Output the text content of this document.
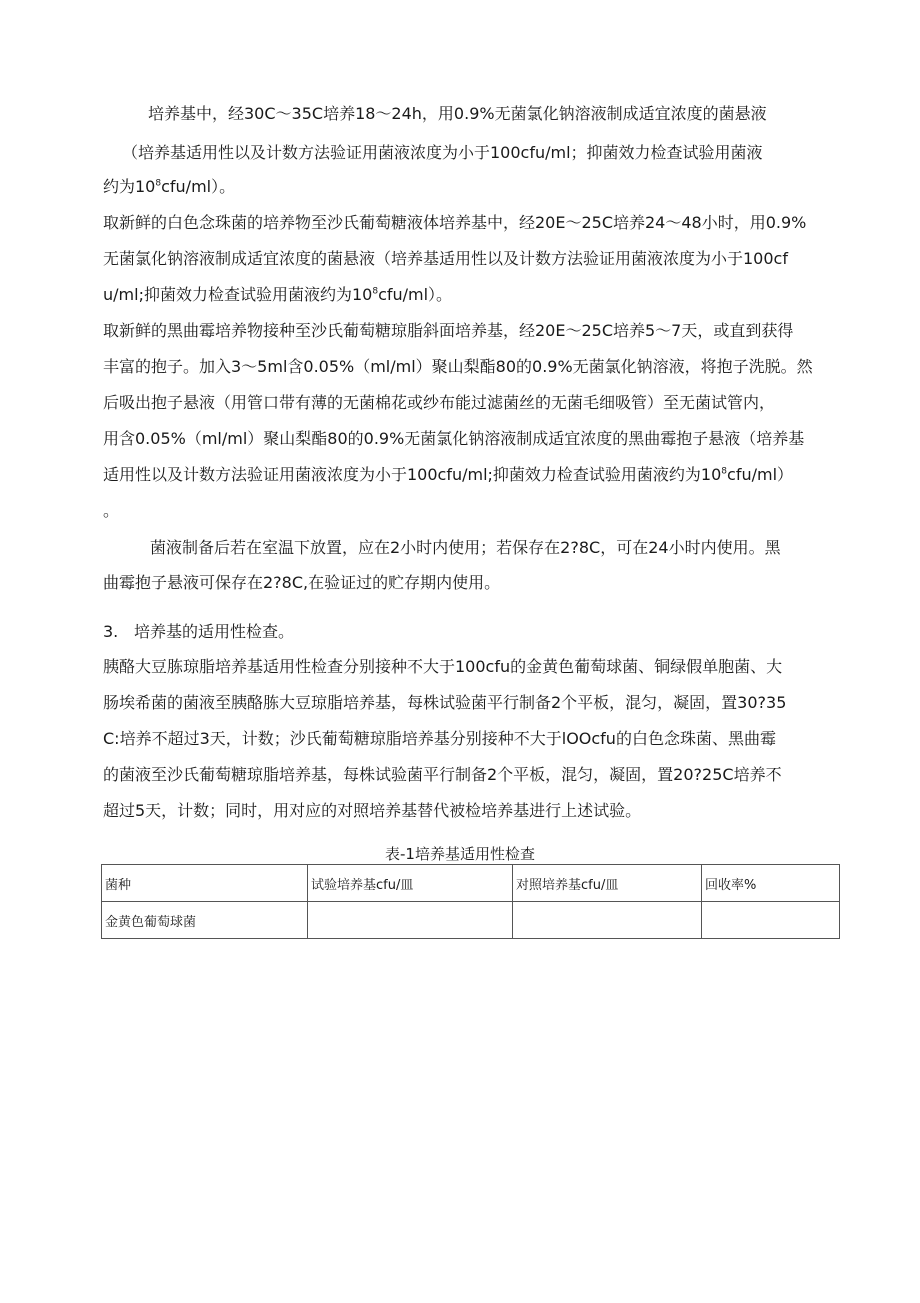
培养基中，经30C～35C培养18～24h，用0.9%无菌氯化钠溶液制成适宜浓度的菌悬液
（培养基适用性以及计数方法验证用菌液浓度为小于100cfu/ml；抑菌效力检查试验用菌液
约为$10^8cfu/ml$）。
取新鲜的白色念珠菌的培养物至沙氏葡萄糖液体培养基中，经20E～25C培养24～48小时，用0.9%
无菌氯化钠溶液制成适宜浓度的菌悬液（培养基适用性以及计数方法验证用菌液浓度为小于100cf
u/ml;抑菌效力检查试验用菌液约为$10^8cfu/ml$）。
取新鲜的黑曲霉培养物接种至沙氏葡萄糖琼脂斜面培养基，经20E～25C培养5～7天，或直到获得
丰富的抱子。加入3～5ml含0.05%（ml/ml）聚山梨酯80的0.9%无菌氯化钠溶液，将抱子洗脱。然
后吸出抱子悬液（用管口带有薄的无菌棉花或纱布能过滤菌丝的无菌毛细吸管）至无菌试管内，
用含0.05%（ml/ml）聚山梨酯80的0.9%无菌氯化钠溶液制成适宜浓度的黑曲霉抱子悬液（培养基
适用性以及计数方法验证用菌液浓度为小于100cfu/ml;抑菌效力检查试验用菌液约为$10^8cfu/ml$）
。
菌液制备后若在室温下放置，应在2小时内使用；若保存在2?8C，可在24小时内使用。黑
曲霉抱子悬液可保存在2?8C,在验证过的贮存期内使用。
3. 培养基的适用性检查。
胰酪大豆胨琼脂培养基适用性检查分别接种不大于100cfu的金黄色葡萄球菌、铜绿假单胞菌、大
肠埃希菌的菌液至胰酪胨大豆琼脂培养基，每株试验菌平行制备2个平板，混匀，凝固，置30?35
C:培养不超过3天，计数；沙氏葡萄糖琼脂培养基分别接种不大于lOOcfu的白色念珠菌、黑曲霉
的菌液至沙氏葡萄糖琼脂培养基，每株试验菌平行制备2个平板，混匀，凝固，置20?25C培养不
超过5天，计数；同时，用对应的对照培养基替代被检培养基进行上述试验。
表-1培养基适用性检查
菌种	试验培养基cfu/皿	对照培养基cfu/皿	回收率%
金黄色葡萄球菌			
